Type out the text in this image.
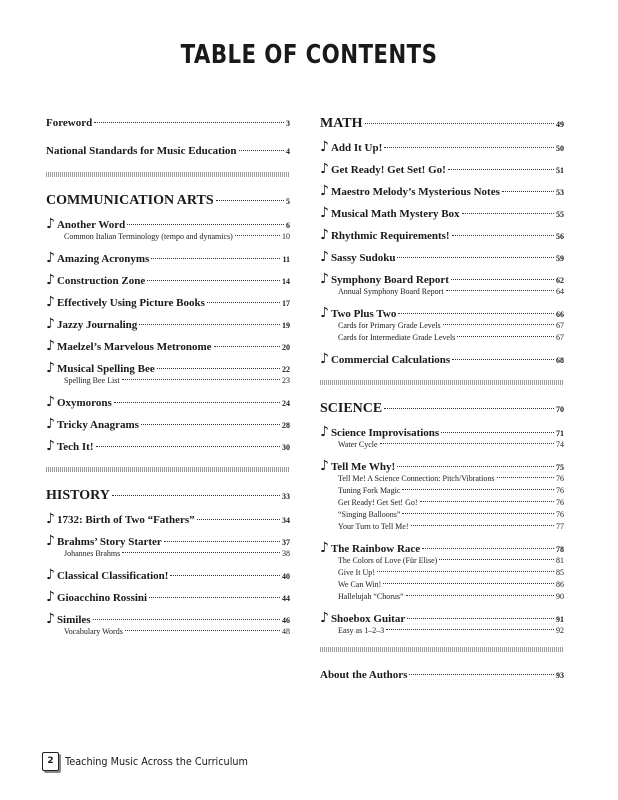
TABLE OF CONTENTS
Foreword	3
National Standards for Music Education	4
COMMUNICATION ARTS	5
♪ Another Word	6
Common Italian Terminology (tempo and dynamics)	10
♪ Amazing Acronyms	11
♪ Construction Zone	14
♪ Effectively Using Picture Books	17
♪ Jazzy Journaling	19
♪ Maelzel’s Marvelous Metronome	20
♪ Musical Spelling Bee	22
Spelling Bee List	23
♪ Oxymorons	24
♪ Tricky Anagrams	28
♪ Tech It!	30
HISTORY	33
♪ 1732: Birth of Two “Fathers”	34
♪ Brahms’ Story Starter	37
Johannes Brahms	38
♪ Classical Classification!	40
♪ Gioacchino Rossini	44
♪ Similes	46
Vocabulary Words	48
MATH	49
♪ Add It Up!	50
♪ Get Ready! Get Set! Go!	51
♪ Maestro Melody’s Mysterious Notes	53
♪ Musical Math Mystery Box	55
♪ Rhythmic Requirements!	56
♪ Sassy Sudoku	59
♪ Symphony Board Report	62
Annual Symphony Board Report	64
♪ Two Plus Two	66
Cards for Primary Grade Levels	67
Cards for Intermediate Grade Levels	67
♪ Commercial Calculations	68
SCIENCE	70
♪ Science Improvisations	71
Water Cycle	74
♪ Tell Me Why!	75
Tell Me! A Science Connection: Pitch/Vibrations	76
Tuning Fork Magic	76
Get Ready! Get Set! Go!	76
“Singing Balloons”	76
Your Turn to Tell Me!	77
♪ The Rainbow Race	78
The Colors of Love (Für Elise)	81
Give It Up!	85
We Can Win!	86
Hallelujah “Chorus”	90
♪ Shoebox Guitar	91
Easy as 1–2–3	92
About the Authors	93
2	Teaching Music Across the Curriculum
